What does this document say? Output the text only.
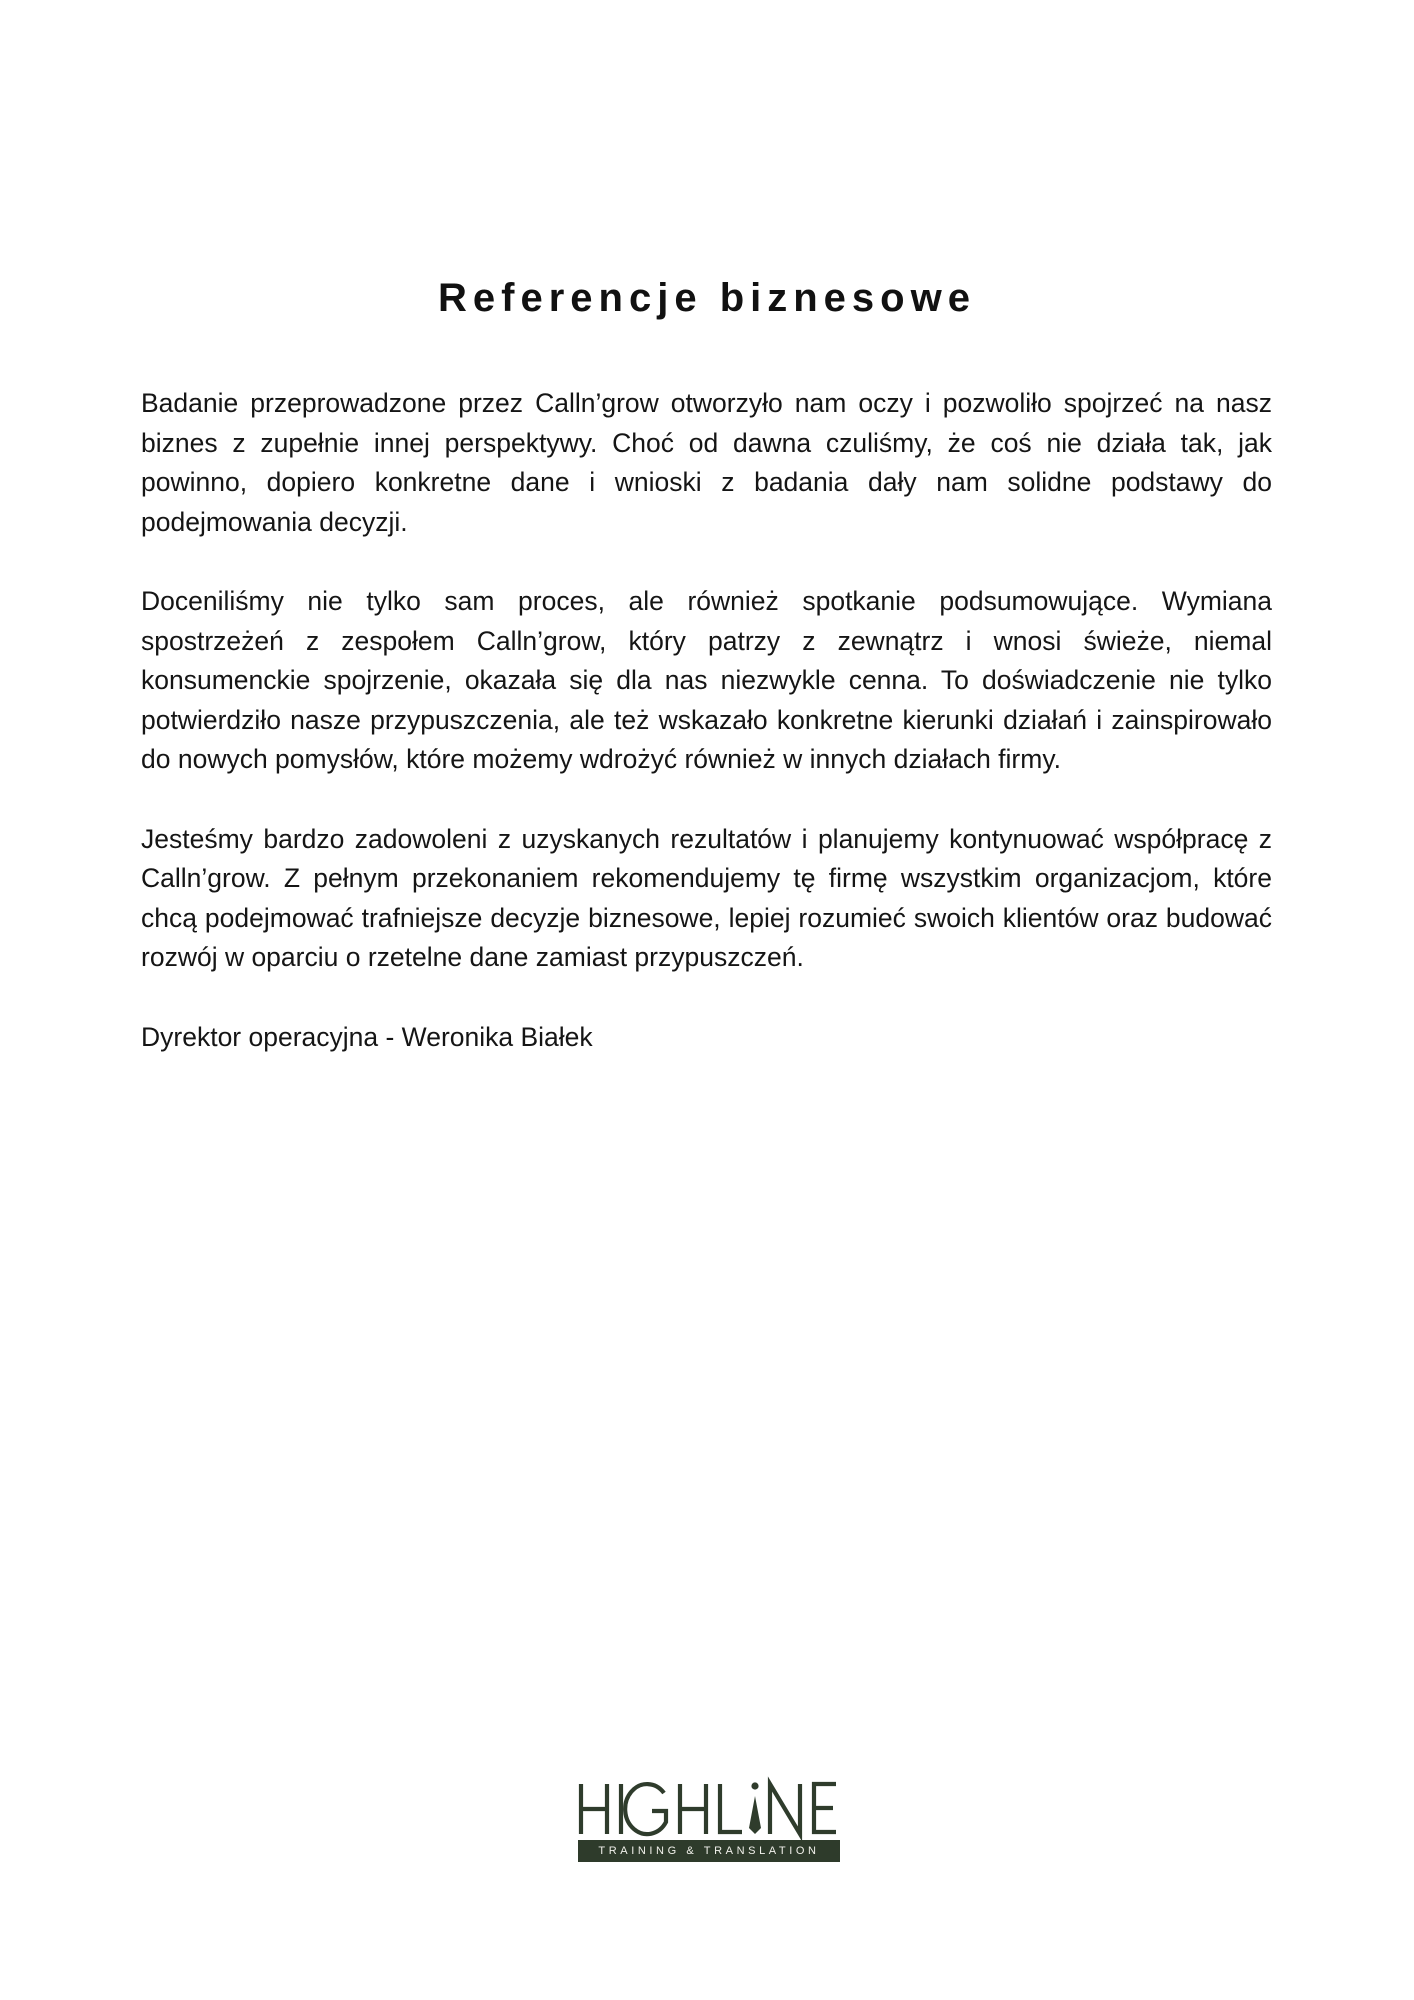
Referencje biznesowe

Badanie przeprowadzone przez Calln’grow otworzyło nam oczy i pozwoliło spojrzeć na nasz biznes z zupełnie innej perspektywy. Choć od dawna czuliśmy, że coś nie działa tak, jak powinno, dopiero konkretne dane i wnioski z badania dały nam solidne podstawy do podejmowania decyzji.

Doceniliśmy nie tylko sam proces, ale również spotkanie podsumowujące. Wymiana spostrzeżeń z zespołem Calln’grow, który patrzy z zewnątrz i wnosi świeże, niemal konsumenckie spojrzenie, okazała się dla nas niezwykle cenna. To doświadczenie nie tylko potwierdziło nasze przypuszczenia, ale też wskazało konkretne kierunki działań i zainspirowało do nowych pomysłów, które możemy wdrożyć również w innych działach firmy.

Jesteśmy bardzo zadowoleni z uzyskanych rezultatów i planujemy kontynuować współpracę z Calln’grow. Z pełnym przekonaniem rekomendujemy tę firmę wszystkim organizacjom, które chcą podejmować trafniejsze decyzje biznesowe, lepiej rozumieć swoich klientów oraz budować rozwój w oparciu o rzetelne dane zamiast przypuszczeń.

Dyrektor operacyjna - Weronika Białek

TRAINING & TRANSLATION
